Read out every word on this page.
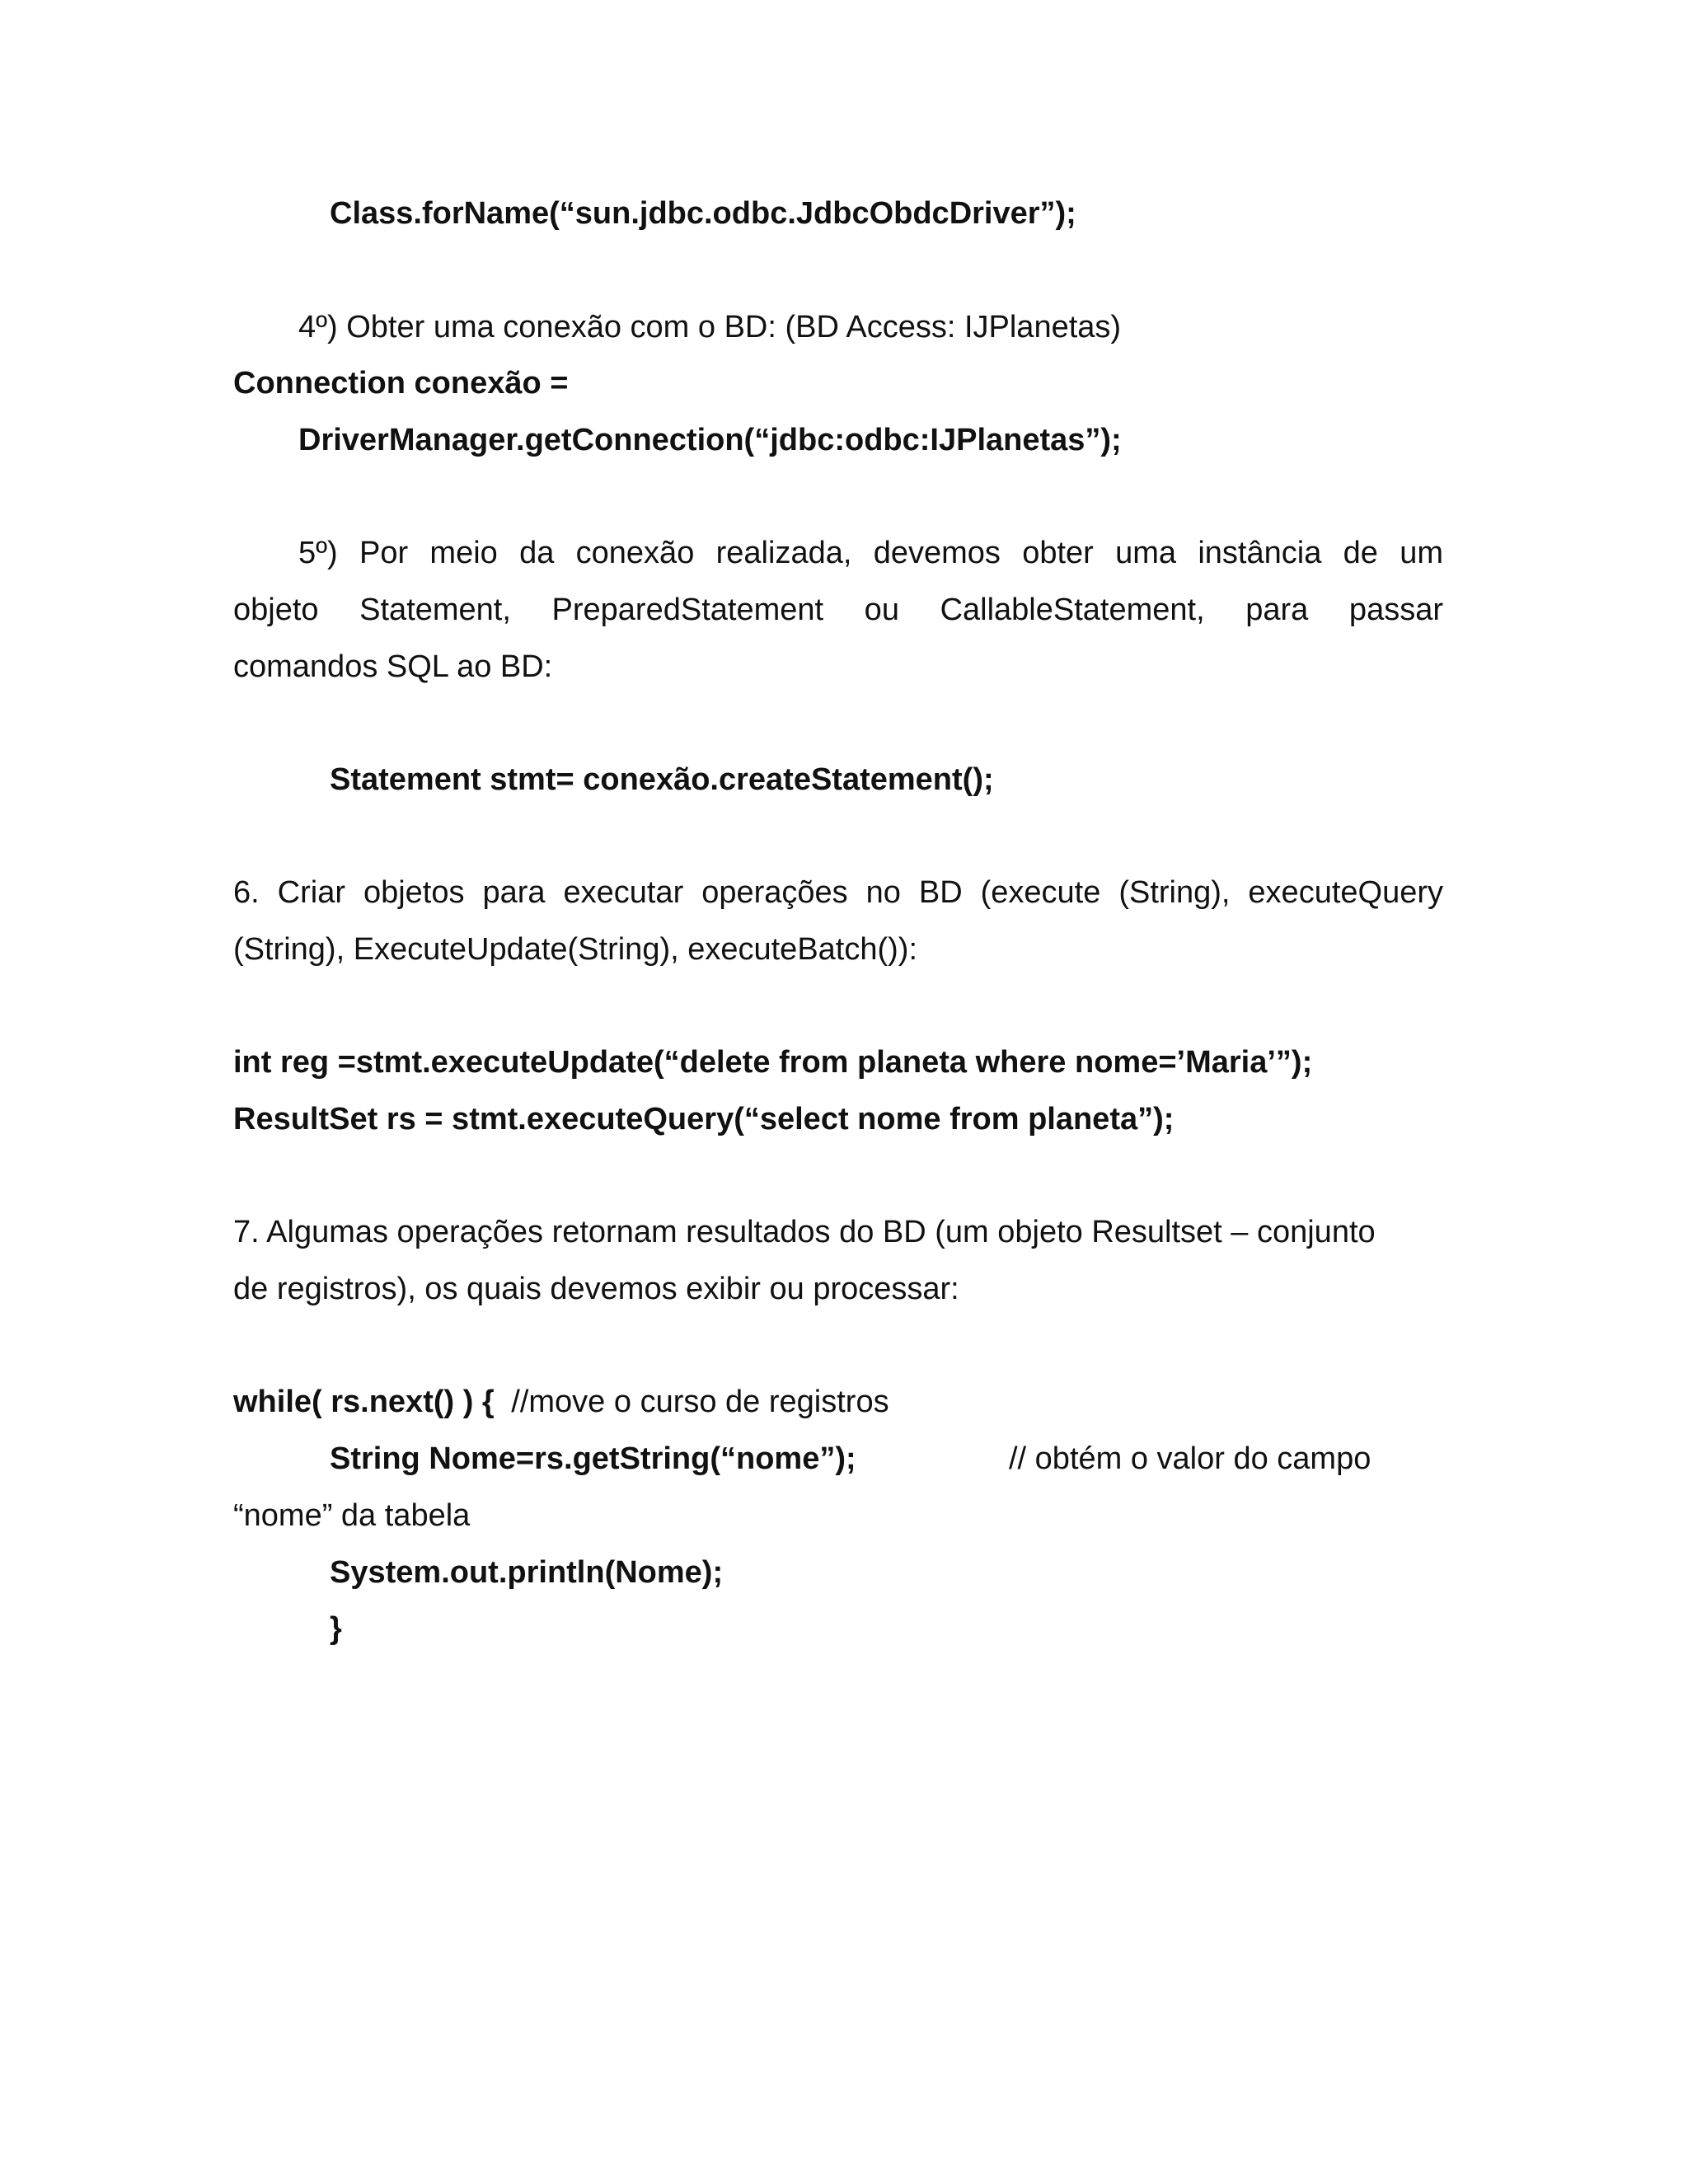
Class.forName(“sun.jdbc.odbc.JdbcObdcDriver”);
4º) Obter uma conexão com o BD: (BD Access: IJPlanetas)
Connection conexão =
DriverManager.getConnection(“jdbc:odbc:IJPlanetas”);
5º) Por meio da conexão realizada, devemos obter uma instância de um
objeto Statement, PreparedStatement ou CallableStatement, para passar
comandos SQL ao BD:
Statement stmt= conexão.createStatement();
6. Criar objetos para executar operações no BD (execute (String), executeQuery
(String), ExecuteUpdate(String), executeBatch()):
int reg =stmt.executeUpdate(“delete from planeta where nome=’Maria’”);
ResultSet rs = stmt.executeQuery(“select nome from planeta”);
7. Algumas operações retornam resultados do BD (um objeto Resultset – conjunto
de registros), os quais devemos exibir ou processar:
while( rs.next() ) { //move o curso de registros
String Nome=rs.getString(“nome”);	// obtém o valor do campo
“nome” da tabela
System.out.println(Nome);
}
